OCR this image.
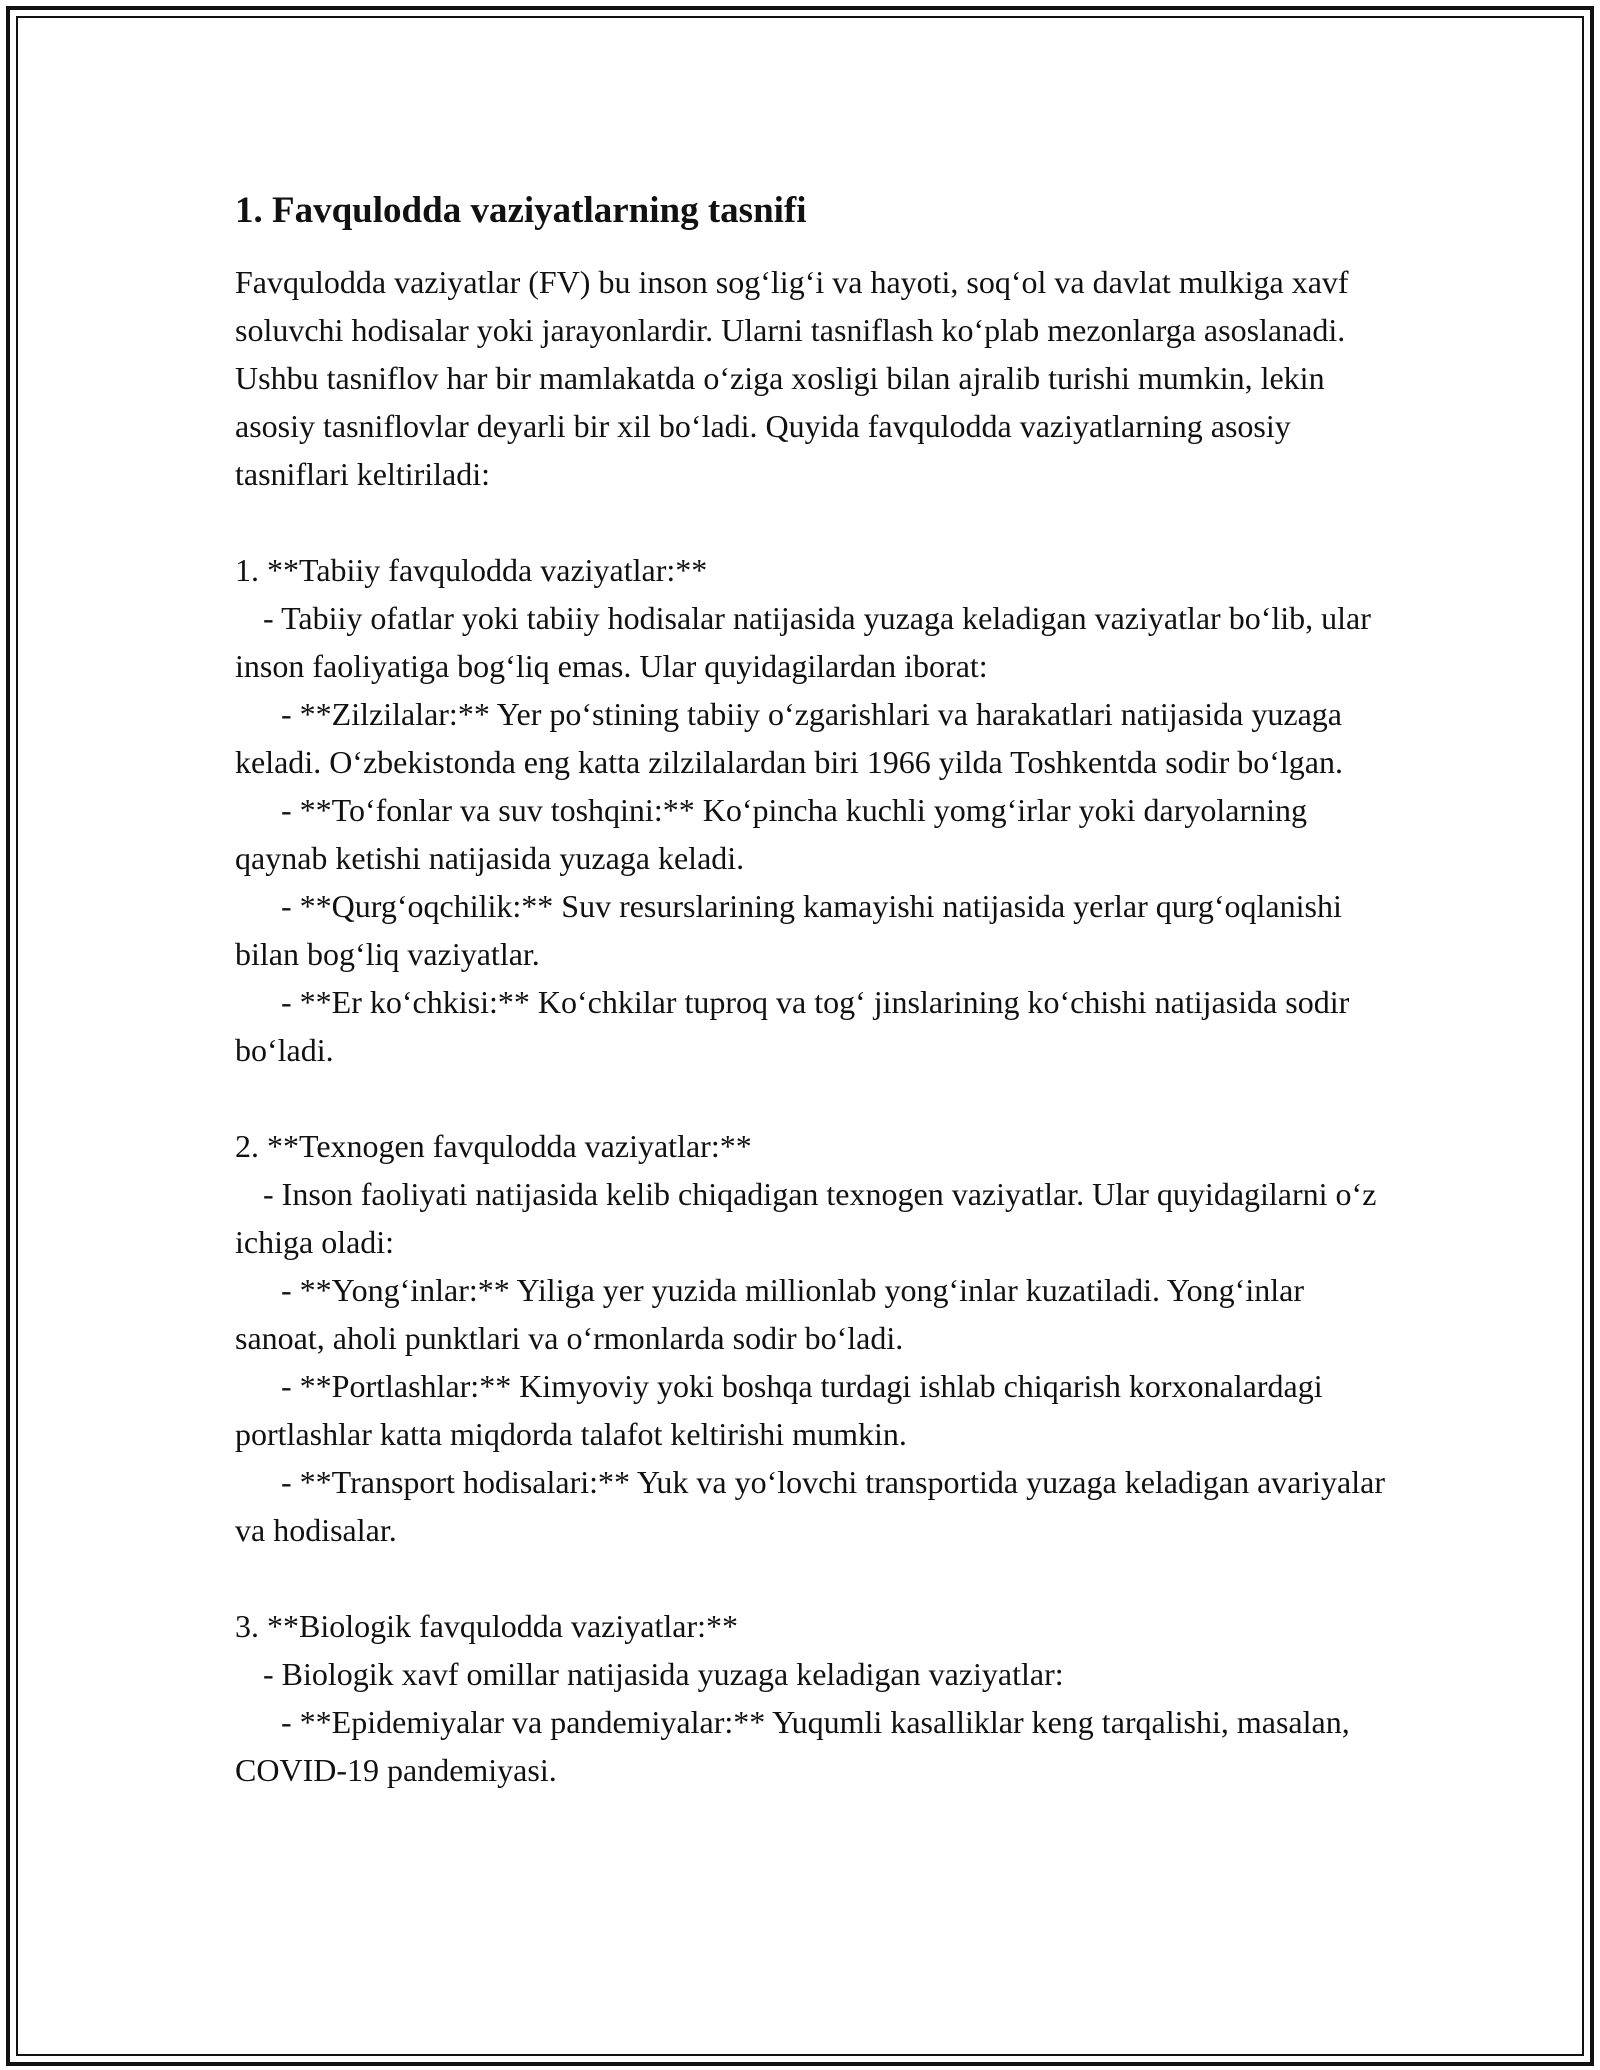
1. Favqulodda vaziyatlarning tasnifi

Favqulodda vaziyatlar (FV) bu inson sog‘lig‘i va hayoti, soq‘ol va davlat mulkiga xavf soluvchi hodisalar yoki jarayonlardir. Ularni tasniflash ko‘plab mezonlarga asoslanadi. Ushbu tasniflov har bir mamlakatda o‘ziga xosligi bilan ajralib turishi mumkin, lekin asosiy tasniflovlar deyarli bir xil bo‘ladi. Quyida favqulodda vaziyatlarning asosiy tasniflari keltiriladi:

1. **Tabiiy favqulodda vaziyatlar:**

- Tabiiy ofatlar yoki tabiiy hodisalar natijasida yuzaga keladigan vaziyatlar bo‘lib, ular inson faoliyatiga bog‘liq emas. Ular quyidagilardan iborat:

- **Zilzilalar:** Yer po‘stining tabiiy o‘zgarishlari va harakatlari natijasida yuzaga keladi. O‘zbekistonda eng katta zilzilalardan biri 1966 yilda Toshkentda sodir bo‘lgan.

- **To‘fonlar va suv toshqini:** Ko‘pincha kuchli yomg‘irlar yoki daryolarning qaynab ketishi natijasida yuzaga keladi.

- **Qurg‘oqchilik:** Suv resurslarining kamayishi natijasida yerlar qurg‘oqlanishi bilan bog‘liq vaziyatlar.

- **Er ko‘chkisi:** Ko‘chkilar tuproq va tog‘ jinslarining ko‘chishi natijasida sodir bo‘ladi.

2. **Texnogen favqulodda vaziyatlar:**

- Inson faoliyati natijasida kelib chiqadigan texnogen vaziyatlar. Ular quyidagilarni o‘z ichiga oladi:

- **Yong‘inlar:** Yiliga yer yuzida millionlab yong‘inlar kuzatiladi. Yong‘inlar sanoat, aholi punktlari va o‘rmonlarda sodir bo‘ladi.

- **Portlashlar:** Kimyoviy yoki boshqa turdagi ishlab chiqarish korxonalardagi portlashlar katta miqdorda talafot keltirishi mumkin.

- **Transport hodisalari:** Yuk va yo‘lovchi transportida yuzaga keladigan avariyalar va hodisalar.

3. **Biologik favqulodda vaziyatlar:**

- Biologik xavf omillar natijasida yuzaga keladigan vaziyatlar:

- **Epidemiyalar va pandemiyalar:** Yuqumli kasalliklar keng tarqalishi, masalan, COVID-19 pandemiyasi.
